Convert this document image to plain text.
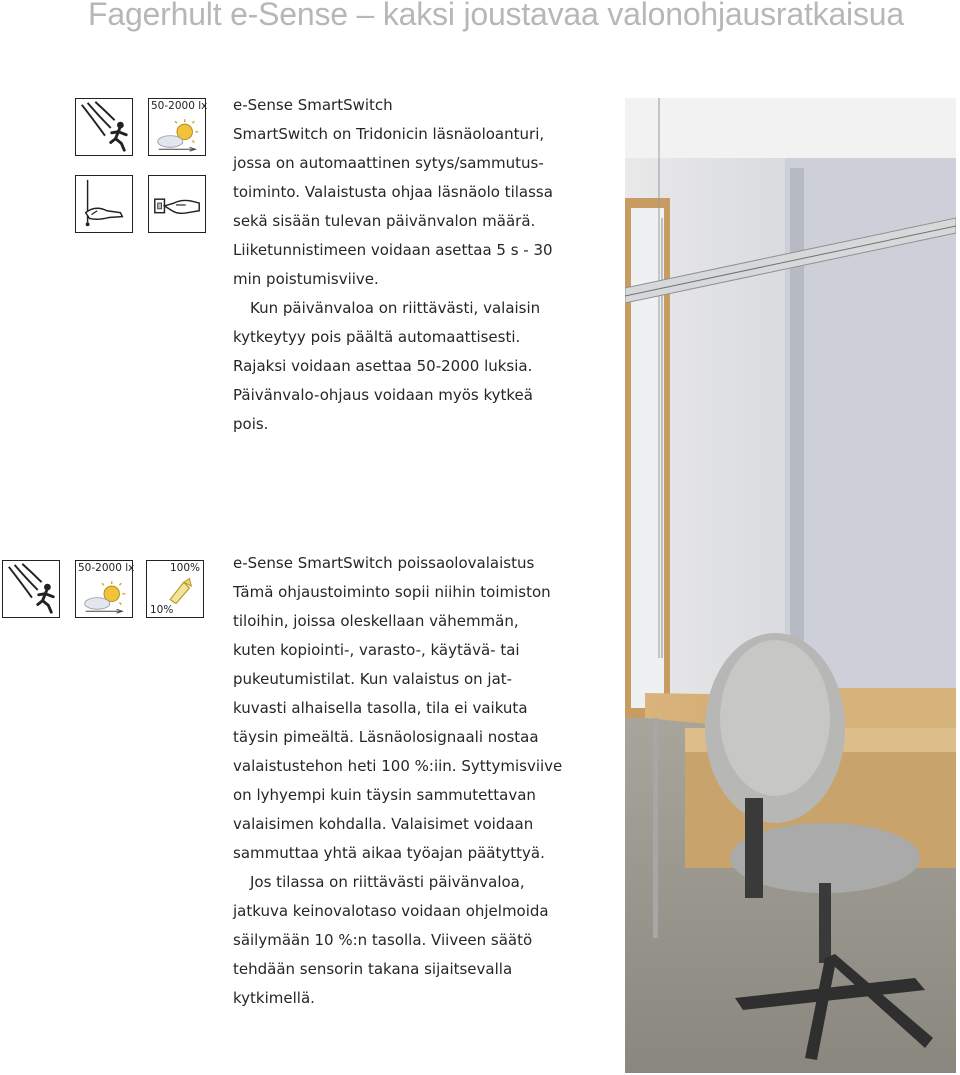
Fagerhult e-Sense – kaksi joustavaa valonohjausratkaisua
50-2000 lx e-Sense SmartSwitch
SmartSwitch on Tridonicin läsnäoloanturi,
jossa on automaattinen sytys/sammutus-
toiminto. Valaistusta ohjaa läsnäolo tilassa
sekä sisään tulevan päivänvalon määrä.
Liiketunnistimeen voidaan asettaa 5 s - 30
min poistumisviive.

Kun päivänvaloa on riittävästi, valaisin
kytkeytyy pois päältä automaattisesti.
Rajaksi voidaan asettaa 50-2000 luksia.
Päivänvalo-ohjaus voidaan myös kytkeä
pois.

50-2000 lx	100%
10%

e-Sense SmartSwitch poissaolovalaistus
Tämä ohjaustoiminto sopii niihin toimiston
tiloihin, joissa oleskellaan vähemmän,
kuten kopiointi-, varasto-, käytävä- tai
pukeutumistilat. Kun valaistus on jat-
kuvasti alhaisella tasolla, tila ei vaikuta
täysin pimeältä. Läsnäolosignaali nostaa
valaistustehon heti 100 %:iin. Syttymisviive
on lyhyempi kuin täysin sammutettavan
valaisimen kohdalla. Valaisimet voidaan
sammuttaa yhtä aikaa työajan päätyttyä.

Jos tilassa on riittävästi päivänvaloa,
jatkuva keinovalotaso voidaan ohjelmoida
säilymään 10 %:n tasolla. Viiveen säätö
tehdään sensorin takana sijaitsevalla
kytkimellä.
